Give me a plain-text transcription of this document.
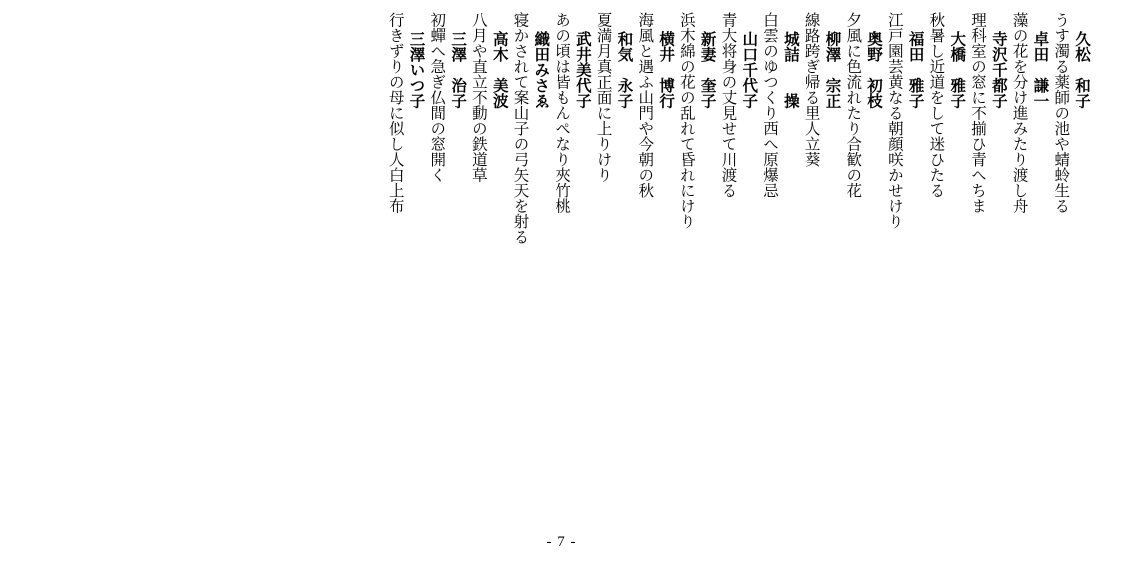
久松　和子
うす濁る薬師の池や蜻蛉生る
卓田　謙一
藻の花を分け進みたり渡し舟
寺沢千都子
理科室の窓に不揃ひ青へちま
大橋　雅子
秋暑し近道をして迷ひたる
福田　雅子
江戸園芸黄なる朝顔咲かせけり
奥野　初枝
夕風に色流れたり合歓の花
柳澤　宗正
線路跨ぎ帰る里人立葵
城詰　　操
白雲のゆつくり西へ原爆忌
山口千代子
青大将身の丈見せて川渡る
新妻　奎子
浜木綿の花の乱れて昏れにけり
横井　博行
海風と遇ふ山門や今朝の秋
和気　永子
夏満月真正面に上りけり
武井美代子
あの頃は皆もんぺなり夾竹桃
織田みさゑ
寝かされて案山子の弓矢天を射る
高木　美波
八月や直立不動の鉄道草
三澤　治子
初蟬へ急ぎ仏間の窓開く
三澤いつ子
行きずりの母に似し人白上布
- 7 -
